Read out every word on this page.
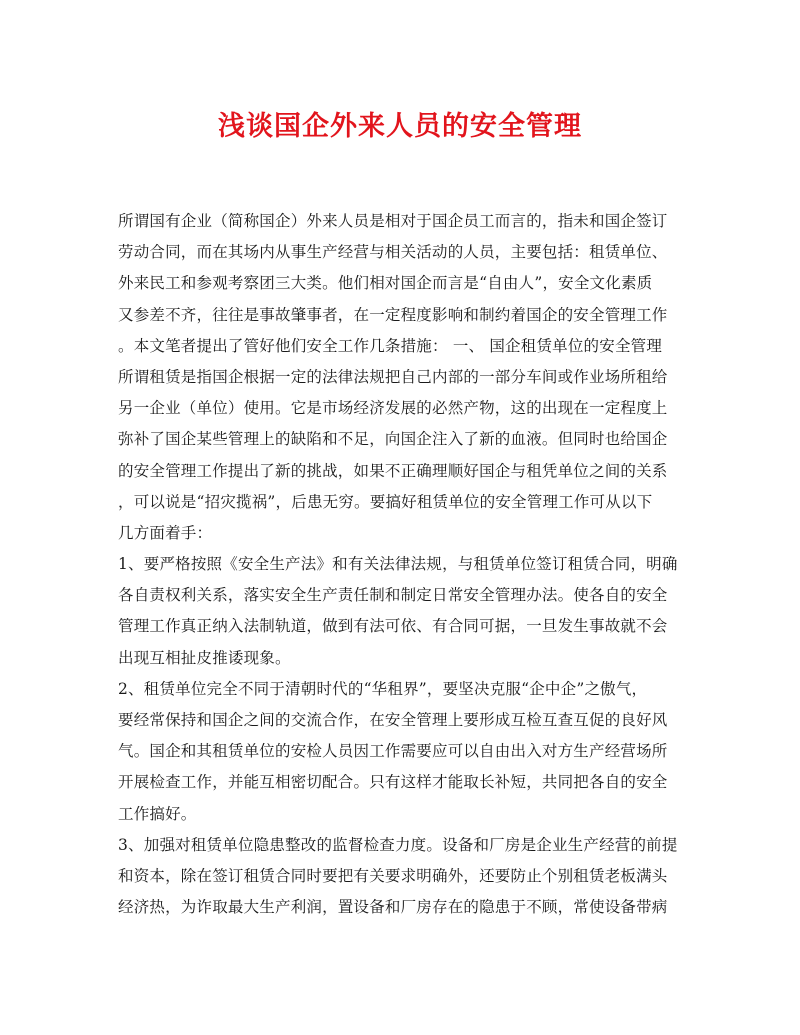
浅谈国企外来人员的安全管理
所谓国有企业（简称国企）外来人员是相对于国企员工而言的，指未和国企签订
劳动合同，而在其场内从事生产经营与相关活动的人员，主要包括：租赁单位、
外来民工和参观考察团三大类。他们相对国企而言是“自由人”，安全文化素质
又参差不齐，往往是事故肇事者，在一定程度影响和制约着国企的安全管理工作
。本文笔者提出了管好他们安全工作几条措施： 一、 国企租赁单位的安全管理
所谓租赁是指国企根据一定的法律法规把自己内部的一部分车间或作业场所租给
另一企业（单位）使用。它是市场经济发展的必然产物，这的出现在一定程度上
弥补了国企某些管理上的缺陷和不足，向国企注入了新的血液。但同时也给国企
的安全管理工作提出了新的挑战，如果不正确理顺好国企与租凭单位之间的关系
，可以说是“招灾揽祸”，后患无穷。要搞好租赁单位的安全管理工作可从以下
几方面着手：
1、要严格按照《安全生产法》和有关法律法规，与租赁单位签订租赁合同，明确
各自责权利关系，落实安全生产责任制和制定日常安全管理办法。使各自的安全
管理工作真正纳入法制轨道，做到有法可依、有合同可据，一旦发生事故就不会
出现互相扯皮推诿现象。
2、租赁单位完全不同于清朝时代的“华租界”，要坚决克服“企中企”之傲气，
要经常保持和国企之间的交流合作，在安全管理上要形成互检互查互促的良好风
气。国企和其租赁单位的安检人员因工作需要应可以自由出入对方生产经营场所
开展检查工作，并能互相密切配合。只有这样才能取长补短，共同把各自的安全
工作搞好。
3、加强对租赁单位隐患整改的监督检查力度。设备和厂房是企业生产经营的前提
和资本，除在签订租赁合同时要把有关要求明确外，还要防止个别租赁老板满头
经济热，为诈取最大生产利润，置设备和厂房存在的隐患于不顾，常使设备带病
